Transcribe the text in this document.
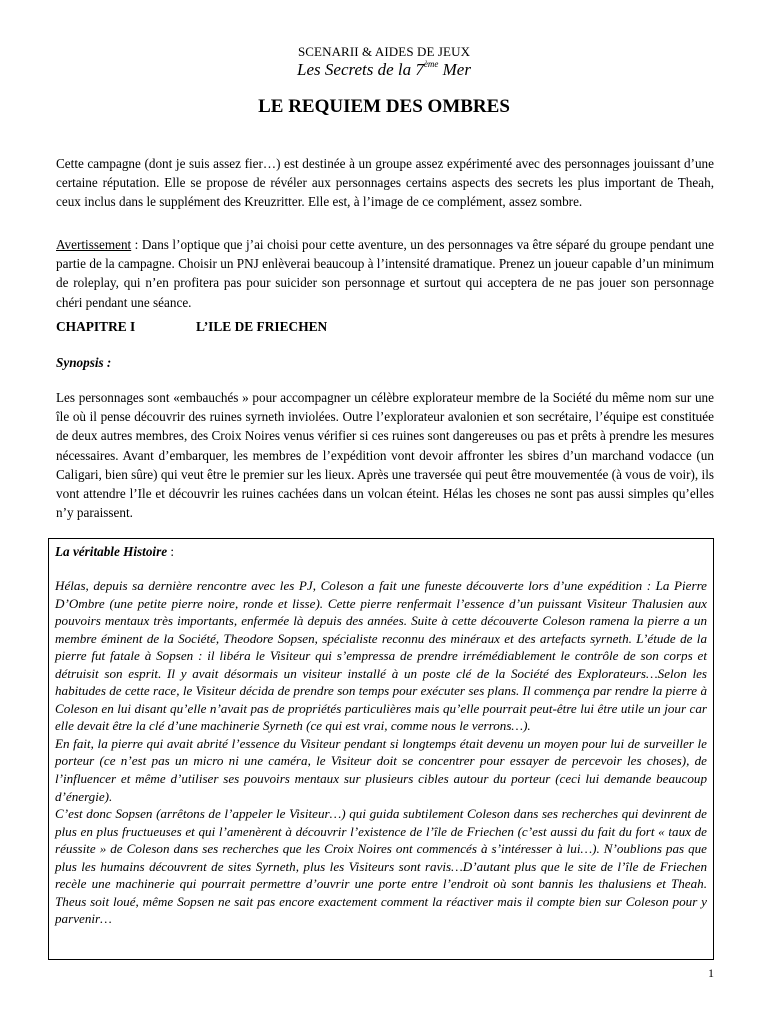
SCENARII & AIDES DE JEUX
Les Secrets de la 7ème Mer
LE REQUIEM DES OMBRES

Cette campagne (dont je suis assez fier…) est destinée à un groupe assez expérimenté avec des personnages jouissant d’une certaine réputation. Elle se propose de révéler aux personnages certains aspects des secrets les plus important de Theah, ceux inclus dans le supplément des Kreuzritter. Elle est, à l’image de ce complément, assez sombre.

Avertissement : Dans l’optique que j’ai choisi pour cette aventure, un des personnages va être séparé du groupe pendant une partie de la campagne. Choisir un PNJ enlèverai beaucoup à l’intensité dramatique. Prenez un joueur capable d’un minimum de roleplay, qui n’en profitera pas pour suicider son personnage et surtout qui acceptera de ne pas jouer son personnage chéri pendant une séance.

CHAPITRE I	L’ILE DE FRIECHEN
Synopsis :

Les personnages sont «embauchés » pour accompagner un célèbre explorateur membre de la Société du même nom sur une île où il pense découvrir des ruines syrneth inviolées. Outre l’explorateur avalonien et son secrétaire, l’équipe est constituée de deux autres membres, des Croix Noires venus vérifier si ces ruines sont dangereuses ou pas et prêts à prendre les mesures nécessaires. Avant d’embarquer, les membres de l’expédition vont devoir affronter les sbires d’un marchand vodacce (un Caligari, bien sûre) qui veut être le premier sur les lieux. Après une traversée qui peut être mouvementée (à vous de voir), ils vont attendre l’Ile et découvrir les ruines cachées dans un volcan éteint. Hélas les choses ne sont pas aussi simples qu’elles n’y paraissent.

La véritable Histoire :

Hélas, depuis sa dernière rencontre avec les PJ, Coleson a fait une funeste découverte lors d’une expédition : La Pierre D’Ombre (une petite pierre noire, ronde et lisse). Cette pierre renfermait l’essence d’un puissant Visiteur Thalusien aux pouvoirs mentaux très importants, enfermée là depuis des années. Suite à cette découverte Coleson ramena la pierre a un membre éminent de la Société, Theodore Sopsen, spécialiste reconnu des minéraux et des artefacts syrneth. L’étude de la pierre fut fatale à Sopsen : il libéra le Visiteur qui s’empressa de prendre irrémédiablement le contrôle de son corps et détruisit son esprit. Il y avait désormais un visiteur installé à un poste clé de la Société des Explorateurs…Selon les habitudes de cette race, le Visiteur décida de prendre son temps pour exécuter ses plans. Il commença par rendre la pierre à Coleson en lui disant qu’elle n’avait pas de propriétés particulières mais qu’elle pourrait peut-être lui être utile un jour car elle devait être la clé d’une machinerie Syrneth (ce qui est vrai, comme nous le verrons…).

En fait, la pierre qui avait abrité l’essence du Visiteur pendant si longtemps était devenu un moyen pour lui de surveiller le porteur (ce n’est pas un micro ni une caméra, le Visiteur doit se concentrer pour essayer de percevoir les choses), de l’influencer et même d’utiliser ses pouvoirs mentaux sur plusieurs cibles autour du porteur (ceci lui demande beaucoup d’énergie).

C’est donc Sopsen (arrêtons de l’appeler le Visiteur…) qui guida subtilement Coleson dans ses recherches qui devinrent de plus en plus fructueuses et qui l’amenèrent à découvrir l’existence de l’île de Friechen (c’est aussi du fait du fort « taux de réussite » de Coleson dans ses recherches que les Croix Noires ont commencés à s’intéresser à lui…). N’oublions pas que plus les humains découvrent de sites Syrneth, plus les Visiteurs sont ravis…D’autant plus que le site de l’île de Friechen recèle une machinerie qui pourrait permettre d’ouvrir une porte entre l’endroit où sont bannis les thalusiens et Theah. Theus soit loué, même Sopsen ne sait pas encore exactement comment la réactiver mais il compte bien sur Coleson pour y parvenir…

1
